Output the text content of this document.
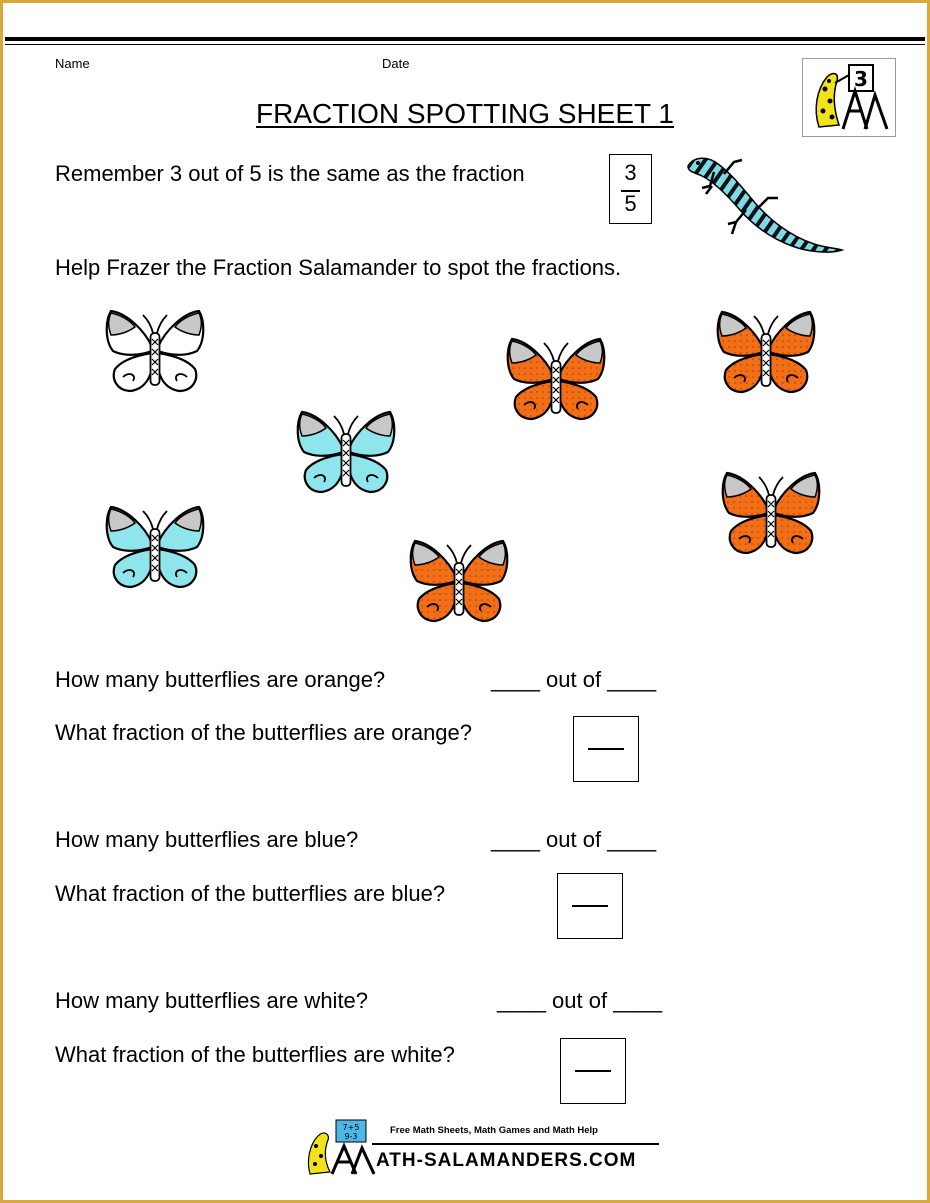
Name	Date
3
FRACTION SPOTTING SHEET 1
Remember 3 out of 5 is the same as the fraction	3
5
Help Frazer the Fraction Salamander to spot the fractions.
How many butterflies are orange?	____ out of ____
What fraction of the butterflies are orange?
How many butterflies are blue?	____ out of ____
What fraction of the butterflies are blue?
How many butterflies are white?	____ out of ____
What fraction of the butterflies are white?
7+5
9-3
Free Math Sheets, Math Games and Math Help
ATH-SALAMANDERS.COM
